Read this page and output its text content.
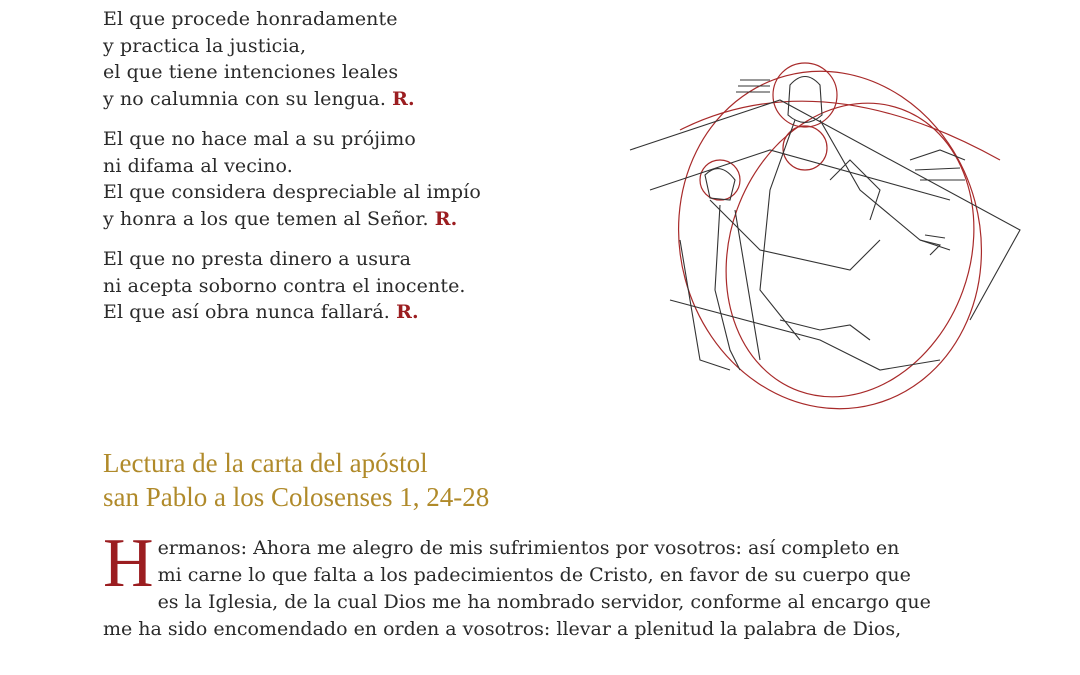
El que procede honradamente
y practica la justicia,
el que tiene intenciones leales
y no calumnia con su lengua. R.
El que no hace mal a su prójimo
ni difama al vecino.
El que considera despreciable al impío
y honra a los que temen al Señor. R.
El que no presta dinero a usura
ni acepta soborno contra el inocente.
El que así obra nunca fallará. R.
Lectura de la carta del apóstol
san Pablo a los Colosenses 1, 24-28
H ermanos: Ahora me alegro de mis sufrimientos por vosotros: así completo en
mi carne lo que falta a los padecimientos de Cristo, en favor de su cuerpo que
es la Iglesia, de la cual Dios me ha nombrado servidor, conforme al encargo que
me ha sido encomendado en orden a vosotros: llevar a plenitud la palabra de Dios,
